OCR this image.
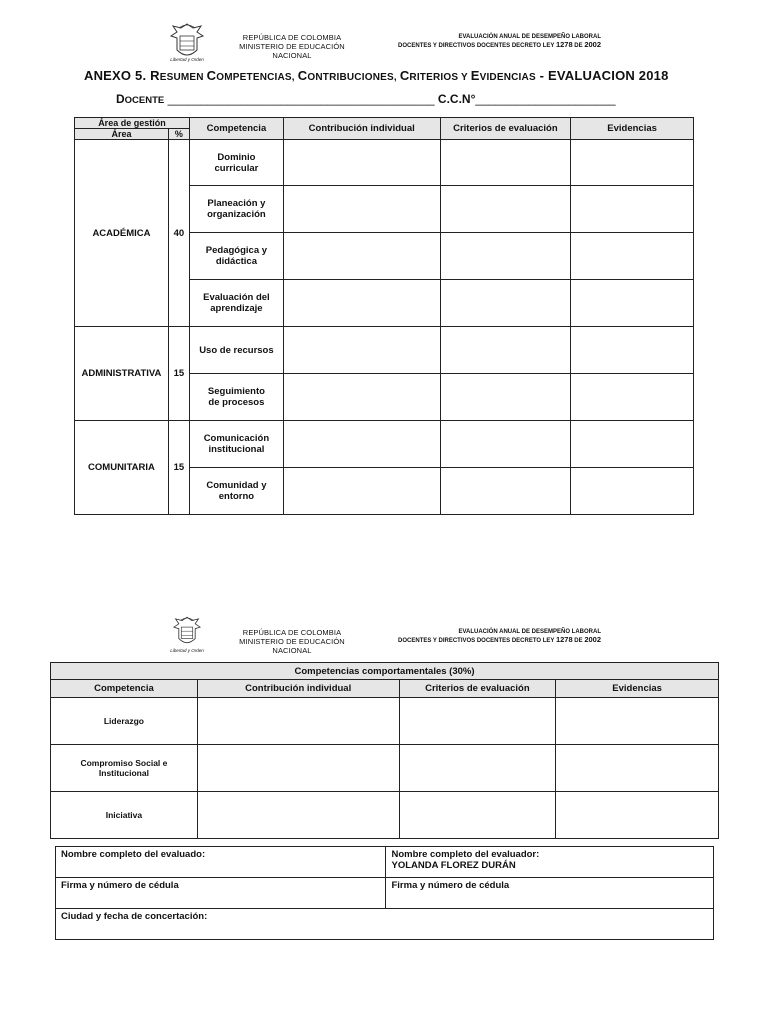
Libertad y Orden
REPÚBLICA DE COLOMBIA
MINISTERIO DE EDUCACIÓN NACIONAL
EVALUACIÓN ANUAL DE DESEMPEÑO LABORAL
DOCENTES Y DIRECTIVOS DOCENTES DECRETO LEY 1278 DE 2002
ANEXO 5. RESUMEN COMPETENCIAS, CONTRIBUCIONES, CRITERIOS Y EVIDENCIAS - EVALUACION 2018
DOCENTE ________________________________________ C.C.N°_____________________
Área de gestión		Competencia	Contribución individual	Criterios de evaluación	Evidencias
Área	%				
ACADÉMICA	40	Dominio curricular			
		Planeación y organización			
		Pedagógica y didáctica			
		Evaluación del aprendizaje			
ADMINISTRATIVA	15	Uso de recursos			
		Seguimiento de procesos			
COMUNITARIA	15	Comunicación institucional			
		Comunidad y entorno			
Libertad y Orden
REPÚBLICA DE COLOMBIA
MINISTERIO DE EDUCACIÓN NACIONAL
EVALUACIÓN ANUAL DE DESEMPEÑO LABORAL
DOCENTES Y DIRECTIVOS DOCENTES DECRETO LEY 1278 DE 2002
Competencias comportamentales (30%)			
Competencia	Contribución individual	Criterios de evaluación	Evidencias
Liderazgo			
Compromiso Social e Institucional			
Iniciativa			
Nombre completo del evaluado:	Nombre completo del evaluador:
YOLANDA FLOREZ DURÁN

Firma y número de cédula	Firma y número de cédula
Ciudad y fecha de concertación:	
